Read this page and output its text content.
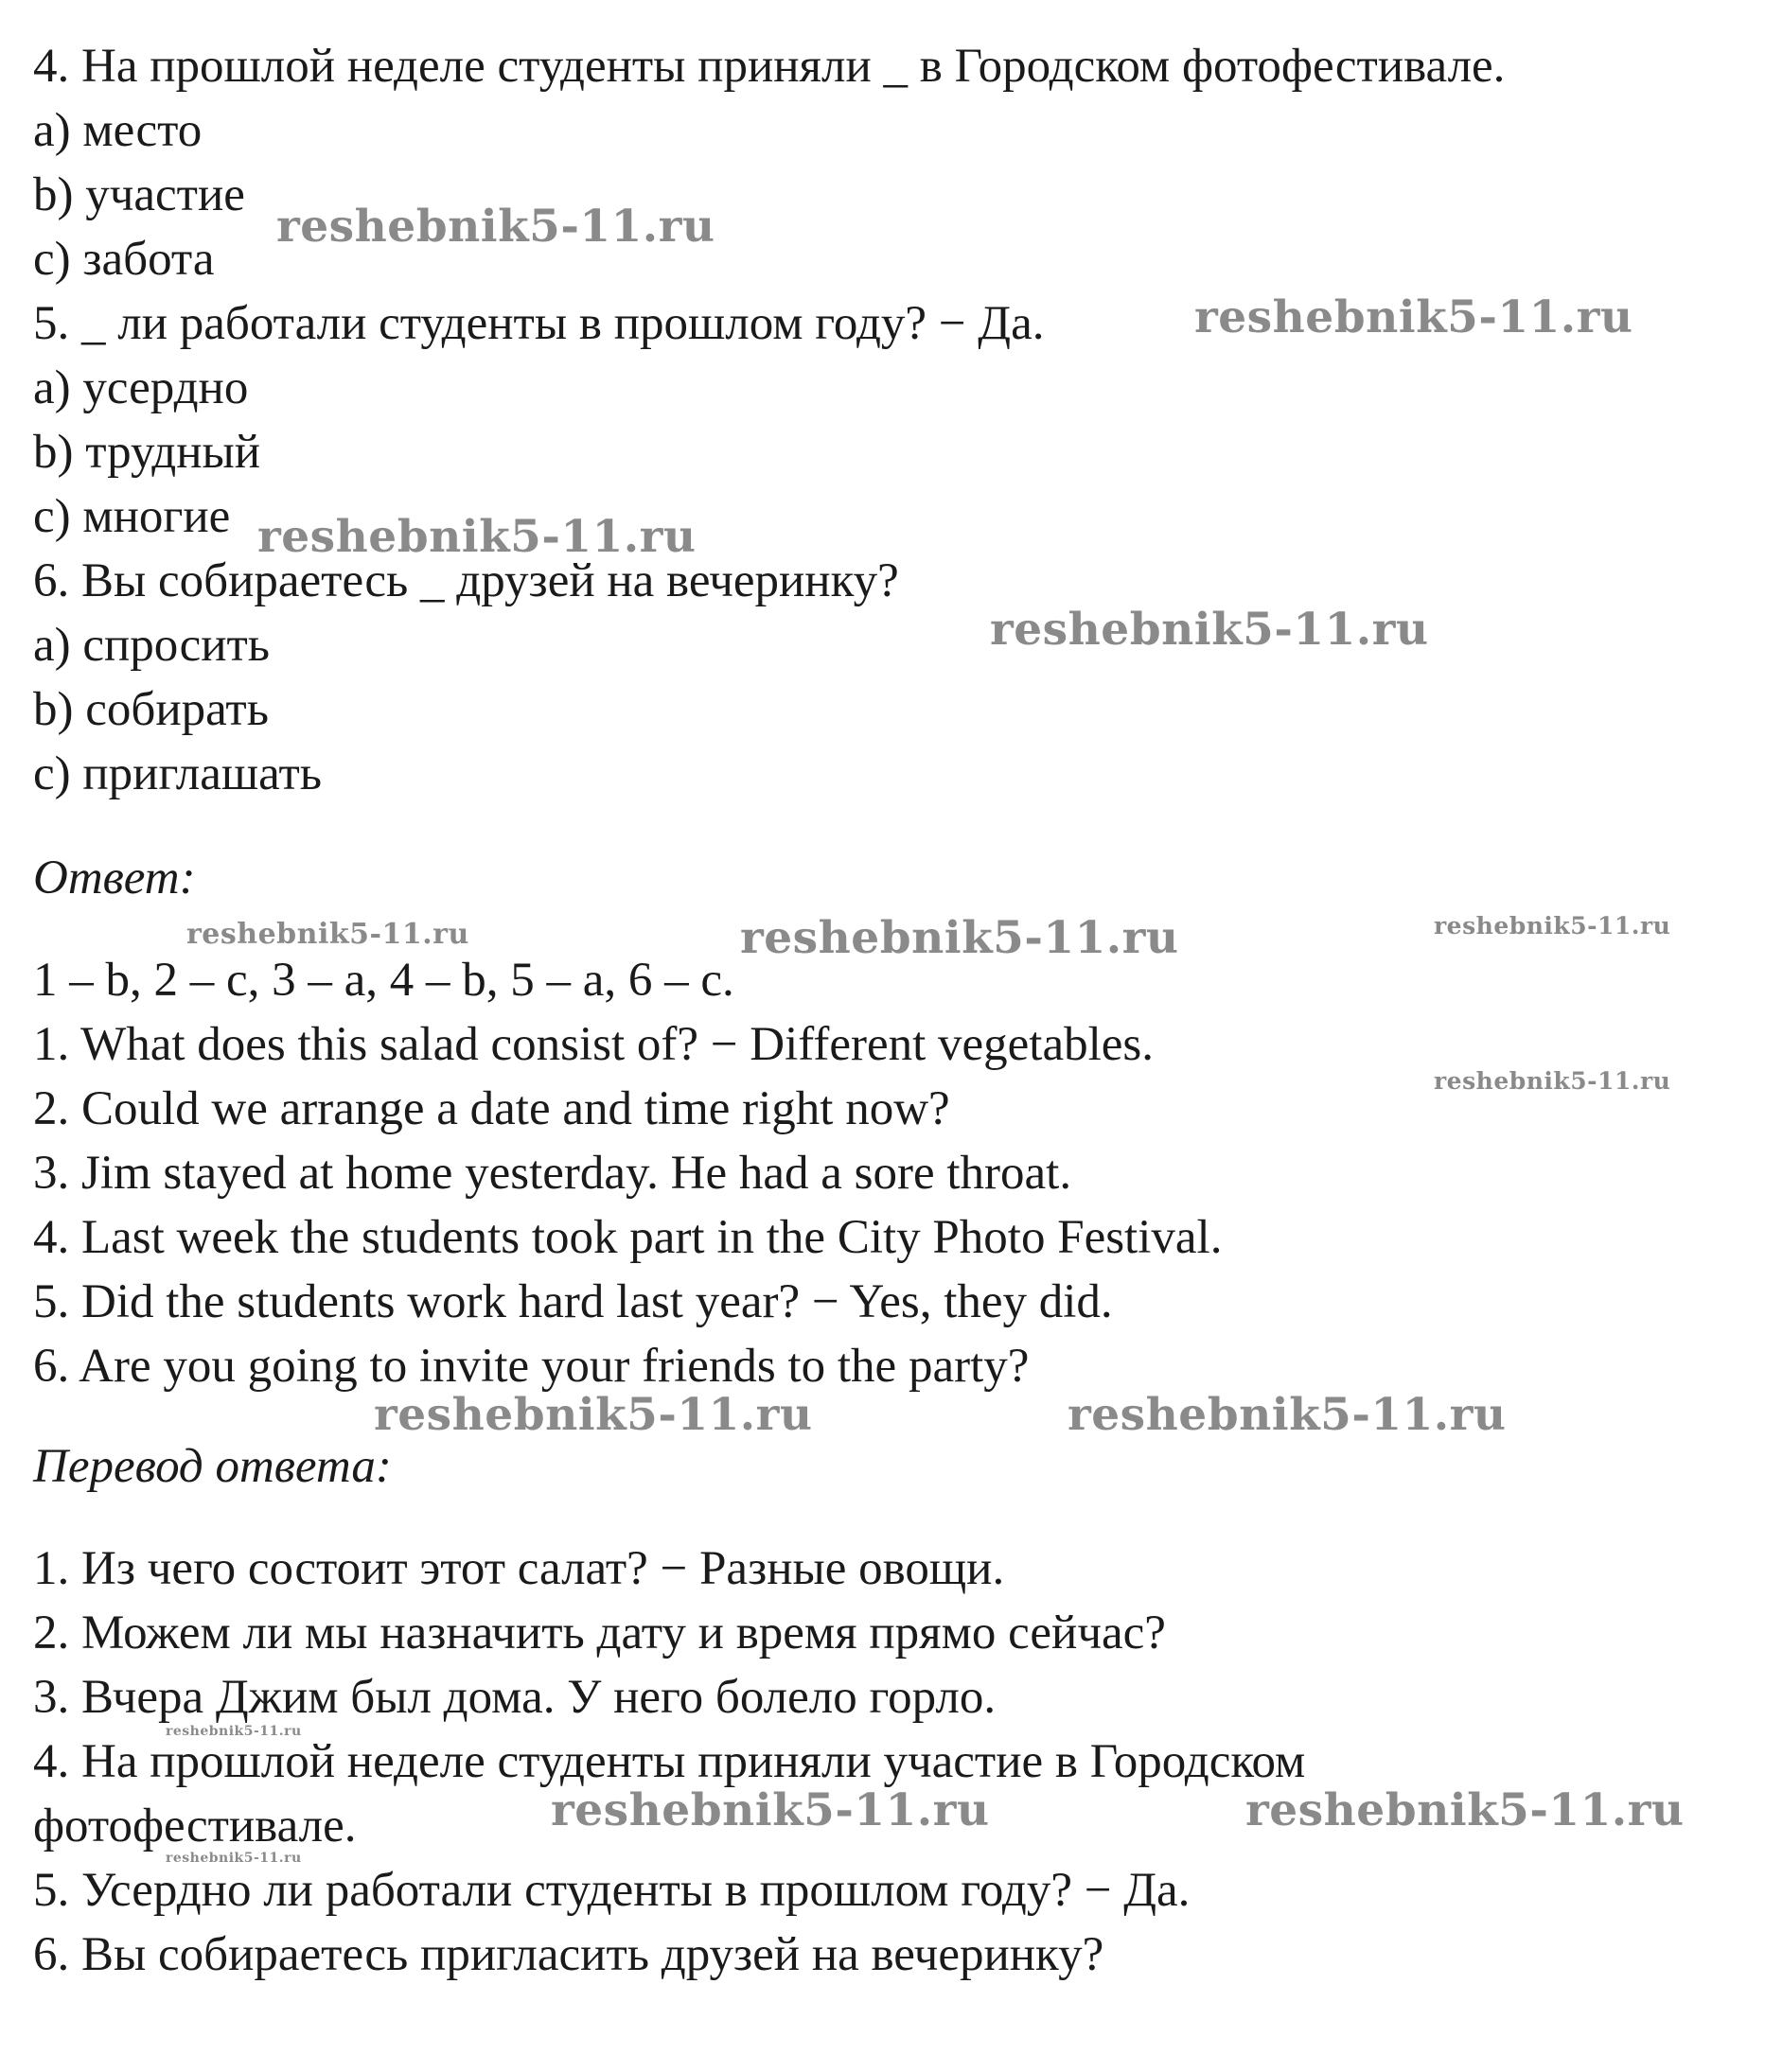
4. На прошлой неделе студенты приняли _ в Городском фотофестивале.
a) место
b) участие
c) забота
5. _ ли работали студенты в прошлом году? − Да.
a) усердно
b) трудный
c) многие
6. Вы собираетесь _ друзей на вечеринку?
a) спросить
b) собирать
c) приглашать
Ответ:
1 – b, 2 – c, 3 – a, 4 – b, 5 – a, 6 – c.
1. What does this salad consist of? − Different vegetables.
2. Could we arrange a date and time right now?
3. Jim stayed at home yesterday. He had a sore throat.
4. Last week the students took part in the City Photo Festival.
5. Did the students work hard last year? − Yes, they did.
6. Are you going to invite your friends to the party?
Перевод ответа:
1. Из чего состоит этот салат? − Разные овощи.
2. Можем ли мы назначить дату и время прямо сейчас?
3. Вчера Джим был дома. У него болело горло.
4. На прошлой неделе студенты приняли участие в Городском
фотофестивале.
5. Усердно ли работали студенты в прошлом году? − Да.
6. Вы собираетесь пригласить друзей на вечеринку?
reshebnik5-11.ru
reshebnik5-11.ru
reshebnik5-11.ru
reshebnik5-11.ru
reshebnik5-11.ru	reshebnik5-11.ru	reshebnik5-11.ru
reshebnik5-11.ru
reshebnik5-11.ru	reshebnik5-11.ru
reshebnik5-11.ru
reshebnik5-11.ru	reshebnik5-11.ru
reshebnik5-11.ru
